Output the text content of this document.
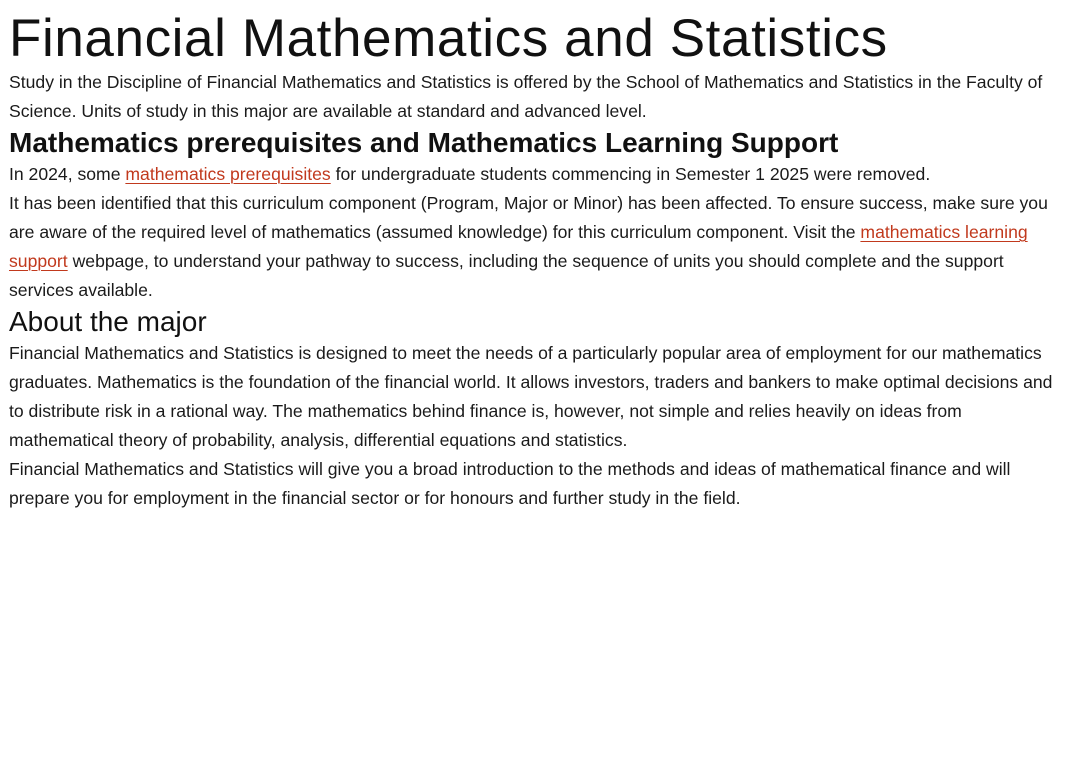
Financial Mathematics and Statistics

Study in the Discipline of Financial Mathematics and Statistics is offered by the School of Mathematics and Statistics in the Faculty of Science. Units of study in this major are available at standard and advanced level.

Mathematics prerequisites and Mathematics Learning Support

In 2024, some mathematics prerequisites for undergraduate students commencing in Semester 1 2025 were removed.

It has been identified that this curriculum component (Program, Major or Minor) has been affected. To ensure success, make sure you are aware of the required level of mathematics (assumed knowledge) for this curriculum component. Visit the mathematics learning support webpage, to understand your pathway to success, including the sequence of units you should complete and the support services available.

About the major

Financial Mathematics and Statistics is designed to meet the needs of a particularly popular area of employment for our mathematics graduates. Mathematics is the foundation of the financial world. It allows investors, traders and bankers to make optimal decisions and to distribute risk in a rational way. The mathematics behind finance is, however, not simple and relies heavily on ideas from mathematical theory of probability, analysis, differential equations and statistics.

Financial Mathematics and Statistics will give you a broad introduction to the methods and ideas of mathematical finance and will prepare you for employment in the financial sector or for honours and further study in the field.
